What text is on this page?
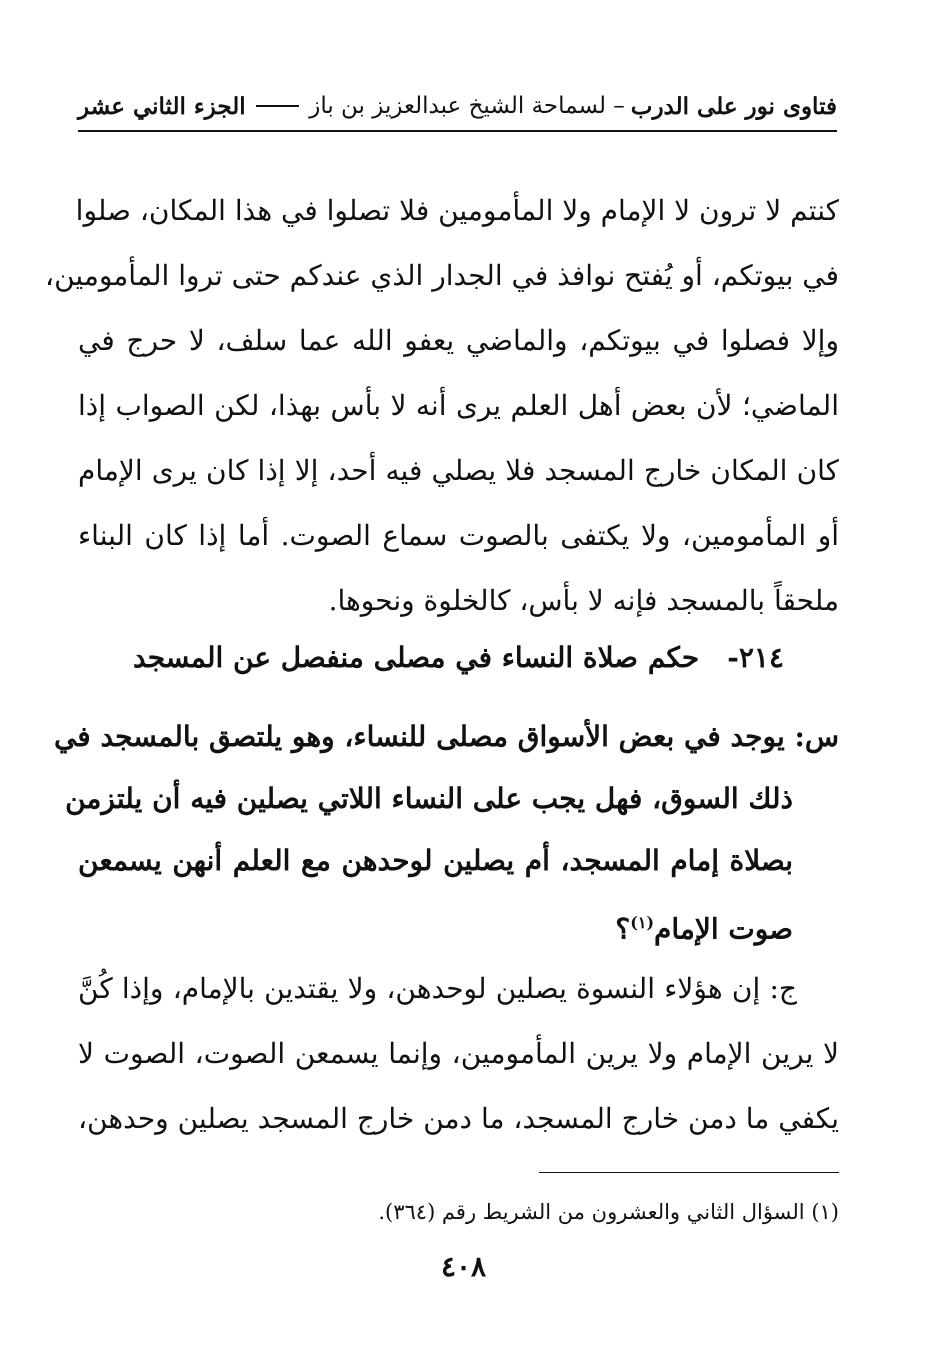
فتاوى نور على الدرب
– لسماحة الشيخ عبدالعزيز بن باز
الجزء الثاني عشر
كنتم لا ترون لا الإمام ولا المأمومين فلا تصلوا في هذا المكان، صلوا
في بيوتكم، أو يُفتح نوافذ في الجدار الذي عندكم حتى تروا المأمومين،
وإلا فصلوا في بيوتكم، والماضي يعفو الله عما سلف، لا حرج في
الماضي؛ لأن بعض أهل العلم يرى أنه لا بأس بهذا، لكن الصواب إذا
كان المكان خارج المسجد فلا يصلي فيه أحد، إلا إذا كان يرى الإمام
أو المأمومين، ولا يكتفى بالصوت سماع الصوت. أما إذا كان البناء
ملحقاً بالمسجد فإنه لا بأس، كالخلوة ونحوها.
٢١٤-حكم صلاة النساء في مصلى منفصل عن المسجد
س: يوجد في بعض الأسواق مصلى للنساء، وهو يلتصق بالمسجد في
ذلك السوق، فهل يجب على النساء اللاتي يصلين فيه أن يلتزمن
بصلاة إمام المسجد، أم يصلين لوحدهن مع العلم أنهن يسمعن
صوت الإمام$^{(١)}$؟
ج: إن هؤلاء النسوة يصلين لوحدهن، ولا يقتدين بالإمام، وإذا كُنَّ
لا يرين الإمام ولا يرين المأمومين، وإنما يسمعن الصوت، الصوت لا
يكفي ما دمن خارج المسجد، ما دمن خارج المسجد يصلين وحدهن،
(١) السؤال الثاني والعشرون من الشريط رقم (٣٦٤).
٤٠٨
